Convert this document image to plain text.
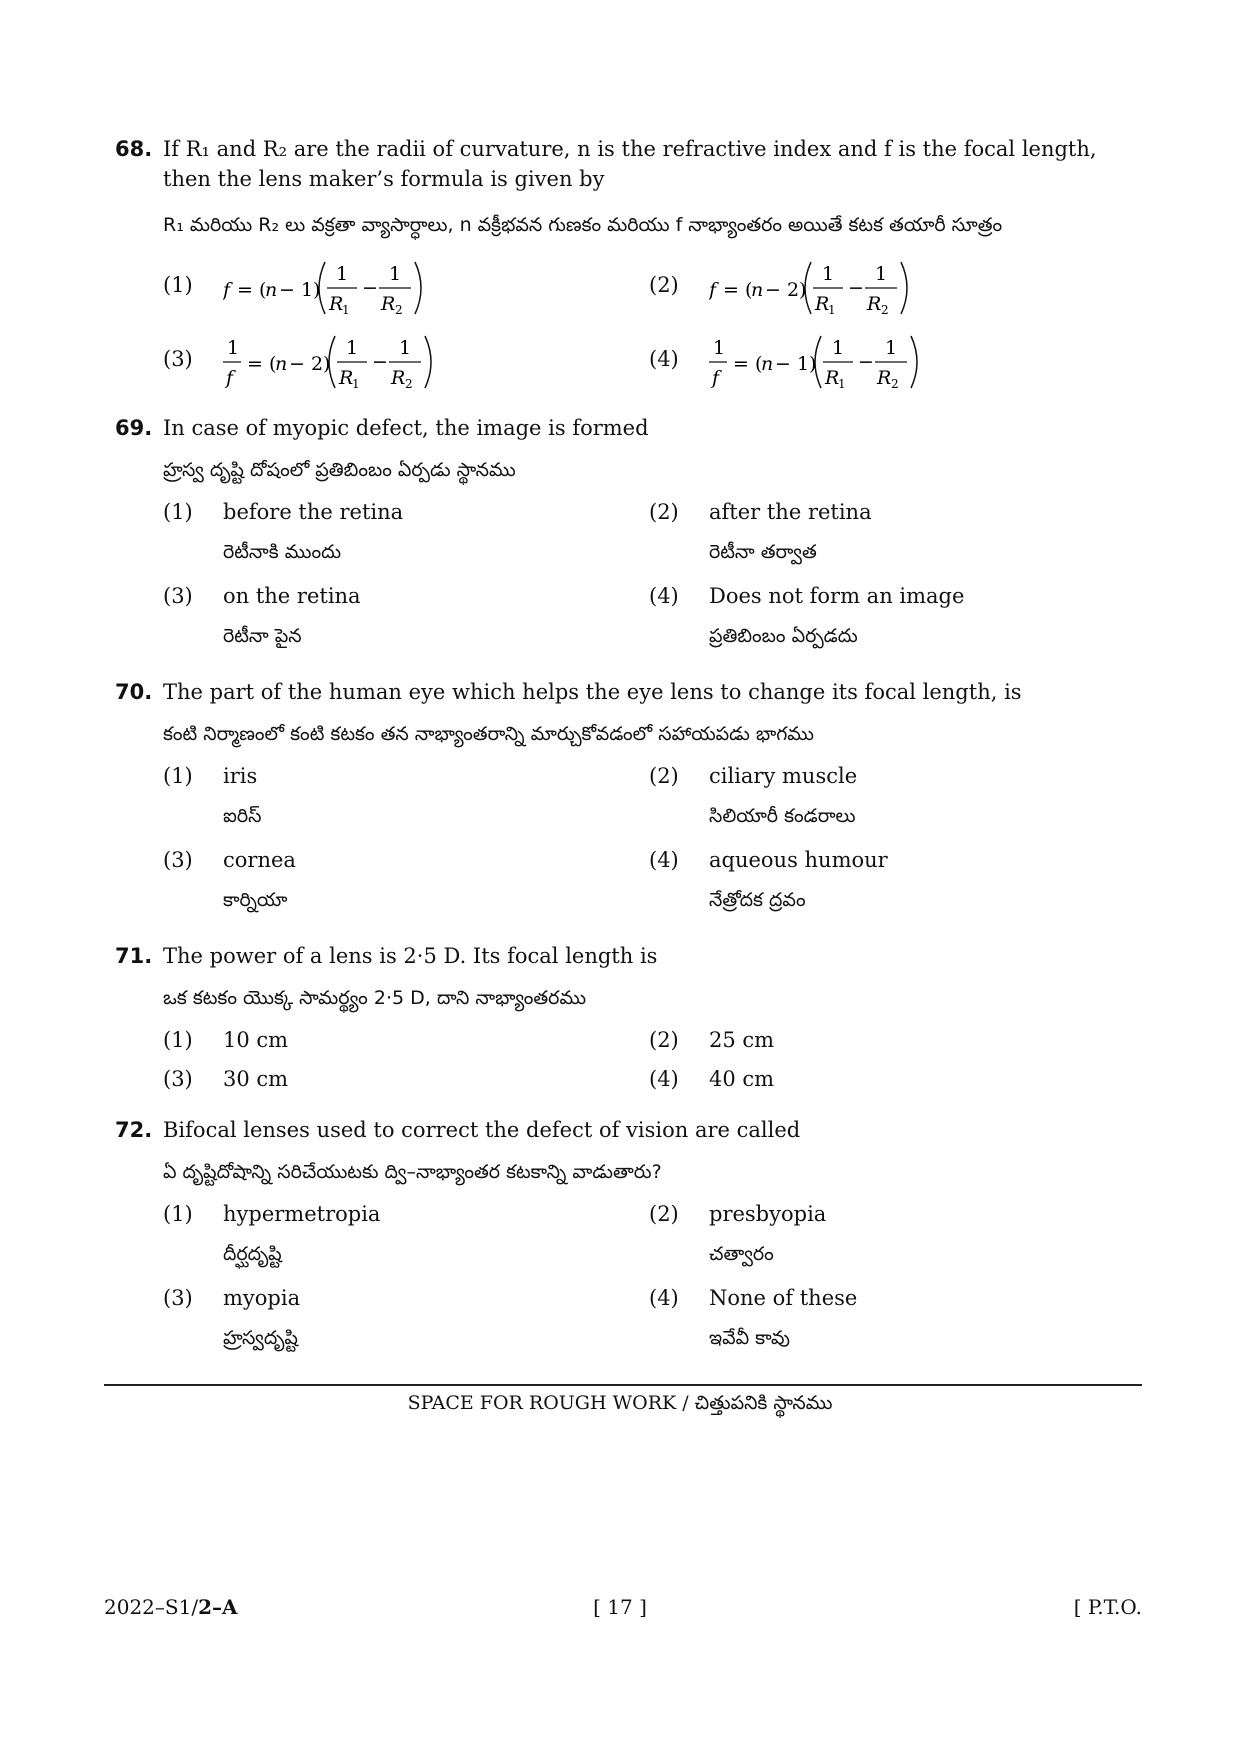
68. If R₁ and R₂ are the radii of curvature, n is the refractive index and f is the focal length, then the lens maker’s formula is given by
R₁ మరియు R₂ లు వక్రతా వ్యాసార్ధాలు, n వక్రీభవన గుణకం మరియు f నాభ్యాంతరం అయితే కటక తయారీ సూత్రం
(1) f = (
n − 1)
1
R
1
−
1
R 2
(2) f = (
n − 2)
1
R
1
−
1
R 2
(3) 1
f
= (
n − 2)
1
R
1
−
1
R 2
(4) 1
f
= (
n − 1)
1
R
1
−
1
R 2
69. In case of myopic defect, the image is formed
హ్రస్వ దృష్టి దోషంలో ప్రతిబింబం ఏర్పడు స్థానము
(1) before the retina
రెటీనాకి ముందు
(2) after the retina
రెటీనా తర్వాత
(3) on the retina
రెటీనా పైన
(4) Does not form an image
ప్రతిబింబం ఏర్పడదు
70. The part of the human eye which helps the eye lens to change its focal length, is
కంటి నిర్మాణంలో కంటి కటకం తన నాభ్యాంతరాన్ని మార్చుకోవడంలో సహాయపడు భాగము
(1) iris
ఐరిస్
(2) ciliary muscle
సిలియారీ కండరాలు
(3) cornea
కార్నియా
(4) aqueous humour
నేత్రోదక ద్రవం
71. The power of a lens is 2·5 D. Its focal length is
ఒక కటకం యొక్క సామర్థ్యం 2·5 D, దాని నాభ్యాంతరము
(1) 10 cm	(2) 25 cm
(3) 30 cm	(4) 40 cm
72. Bifocal lenses used to correct the defect of vision are called
ఏ దృష్టిదోషాన్ని సరిచేయుటకు ద్వి–నాభ్యాంతర కటకాన్ని వాడుతారు?
(1) hypermetropia
దీర్ఘదృష్టి
(2) presbyopia
చత్వారం
(3) myopia
హ్రస్వదృష్టి
(4) None of these
ఇవేవీ కావు
SPACE FOR ROUGH WORK / చిత్తుపనికి స్థానము
2022–S1/2–A	[ 17 ]	[ P.T.O.
